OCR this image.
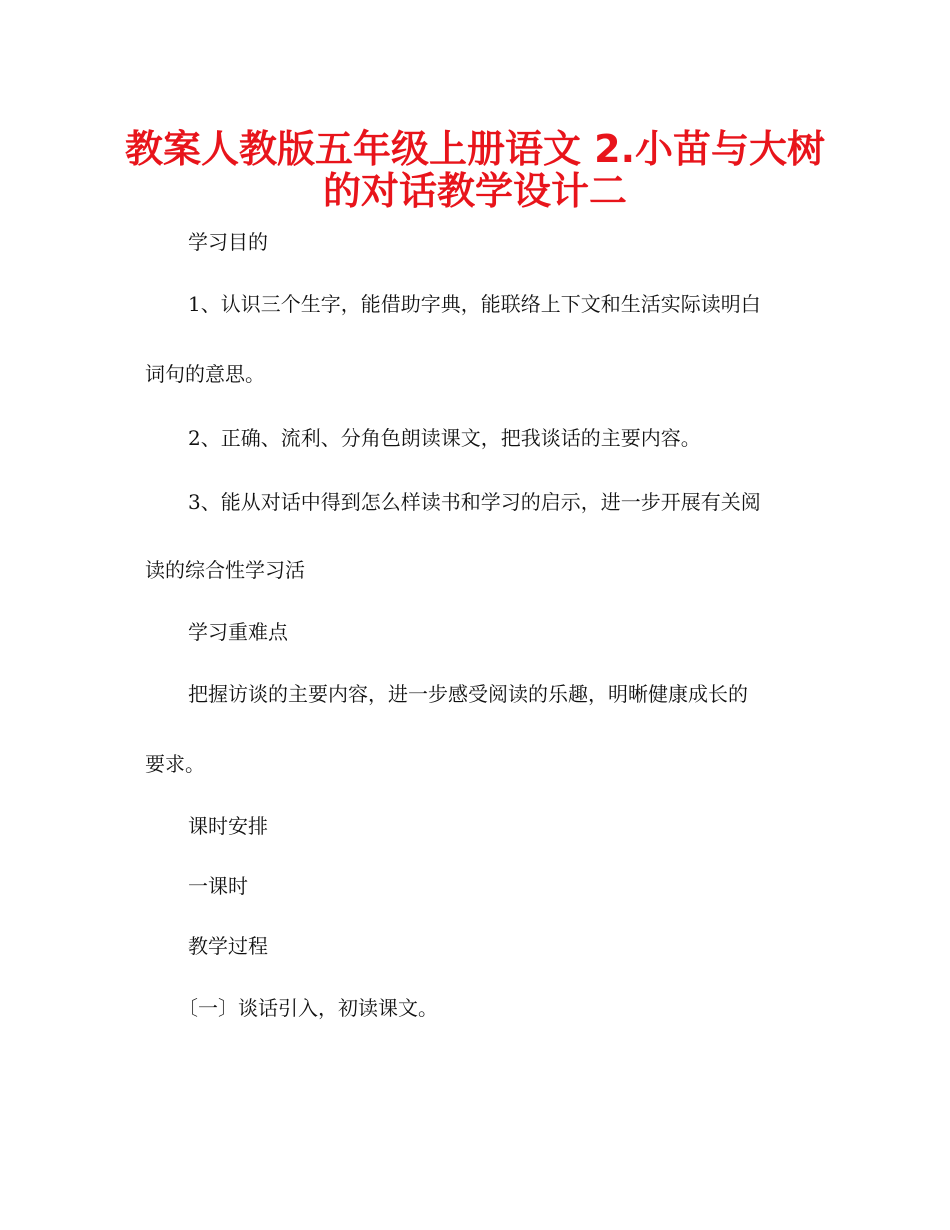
教案人教版五年级上册语文 2.小苗与大树
的对话教学设计二
学习目的
1、认识三个生字，能借助字典，能联络上下文和生活实际读明白
词句的意思。
2、正确、流利、分角色朗读课文，把我谈话的主要内容。
3、能从对话中得到怎么样读书和学习的启示，进一步开展有关阅
读的综合性学习活
学习重难点
把握访谈的主要内容，进一步感受阅读的乐趣，明晰健康成长的
要求。
课时安排
一课时
教学过程
〔一〕谈话引入，初读课文。
